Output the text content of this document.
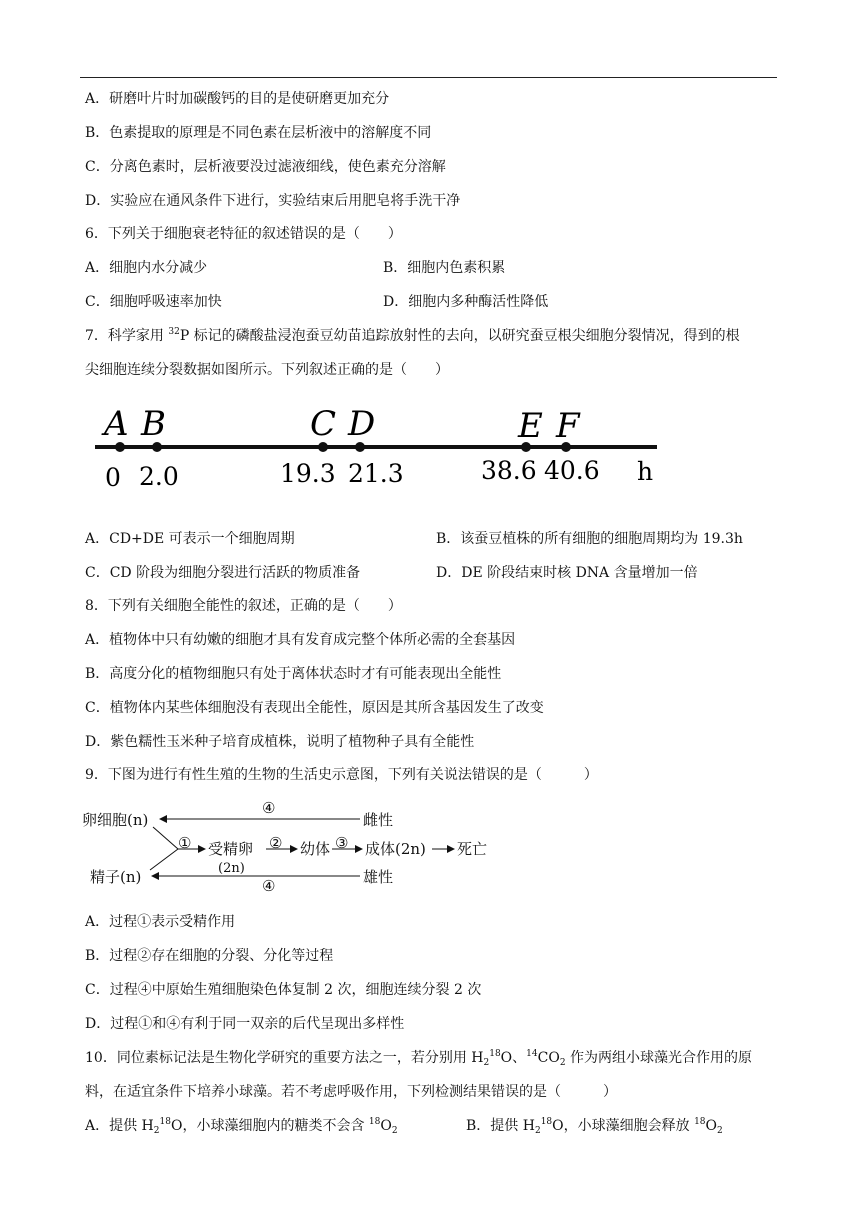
A．研磨叶片时加碳酸钙的目的是使研磨更加充分
B．色素提取的原理是不同色素在层析液中的溶解度不同
C．分离色素时，层析液要没过滤液细线，使色素充分溶解
D．实验应在通风条件下进行，实验结束后用肥皂将手洗干净
6．下列关于细胞衰老特征的叙述错误的是（　　）
A．细胞内水分减少	B．细胞内色素积累
C．细胞呼吸速率加快	D．细胞内多种酶活性降低
7．科学家用 $^{32}$P 标记的磷酸盐浸泡蚕豆幼苗追踪放射性的去向，以研究蚕豆根尖细胞分裂情况，得到的根
尖细胞连续分裂数据如图所示。下列叙述正确的是（　　）
A B	C D	E F
0 2.0	19.3 21.3	38.6 40.6 h
A．CD+DE 可表示一个细胞周期	B．该蚕豆植株的所有细胞的细胞周期均为 19.3h
C．CD 阶段为细胞分裂进行活跃的物质准备	D．DE 阶段结束时核 DNA 含量增加一倍
8．下列有关细胞全能性的叙述，正确的是（　　）
A．植物体中只有幼嫩的细胞才具有发育成完整个体所必需的全套基因
B．高度分化的植物细胞只有处于离体状态时才有可能表现出全能性
C．植物体内某些体细胞没有表现出全能性，原因是其所含基因发生了改变
D．紫色糯性玉米种子培育成植株，说明了植物种子具有全能性
9．下图为进行有性生殖的生物的生活史示意图，下列有关说法错误的是（　　　）
卵细胞(n)	雌性
精子(n)	雄性
④
④
① 受精卵
(2n)
② 幼体 ③ 成体(2n) 死亡
A．过程①表示受精作用
B．过程②存在细胞的分裂、分化等过程
C．过程④中原始生殖细胞染色体复制 2 次，细胞连续分裂 2 次
D．过程①和④有利于同一双亲的后代呈现出多样性
10．同位素标记法是生物化学研究的重要方法之一，若分别用 $H_2^{18}O$、$^{14}CO_2$ 作为两组小球藻光合作用的原
料，在适宜条件下培养小球藻。若不考虑呼吸作用，下列检测结果错误的是（　　　）
A．提供 $H_2^{18}O$，小球藻细胞内的糖类不会含 $^{18}O_2$	B．提供 $H_2^{18}O$，小球藻细胞会释放 $^{18}O_2$
